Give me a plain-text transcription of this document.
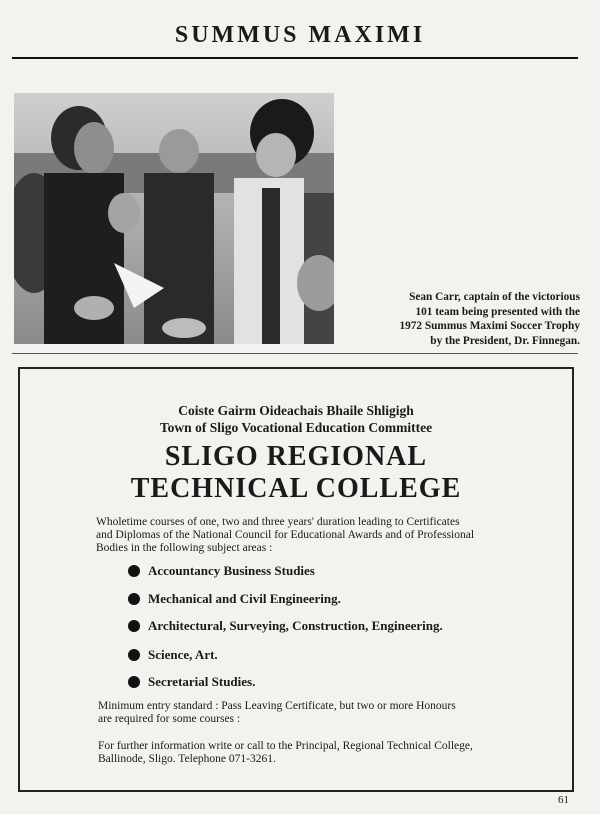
SUMMUS MAXIMI
Sean Carr, captain of the victorious
101 team being presented with the
1972 Summus Maximi Soccer Trophy
by the President, Dr. Finnegan.
Coiste Gairm Oideachais Bhaile Shligigh
Town of Sligo Vocational Education Committee
SLIGO REGIONAL
TECHNICAL COLLEGE
Wholetime courses of one, two and three years' duration leading to Certificates
and Diplomas of the National Council for Educational Awards and of Professional
Bodies in the following subject areas :
Accountancy Business Studies
Mechanical and Civil Engineering.
Architectural, Surveying, Construction, Engineering.
Science, Art.
Secretarial Studies.
Minimum entry standard : Pass Leaving Certificate, but two or more Honours
are required for some courses :
For further information write or call to the Principal, Regional Technical College,
Ballinode, Sligo. Telephone 071-3261.
61
